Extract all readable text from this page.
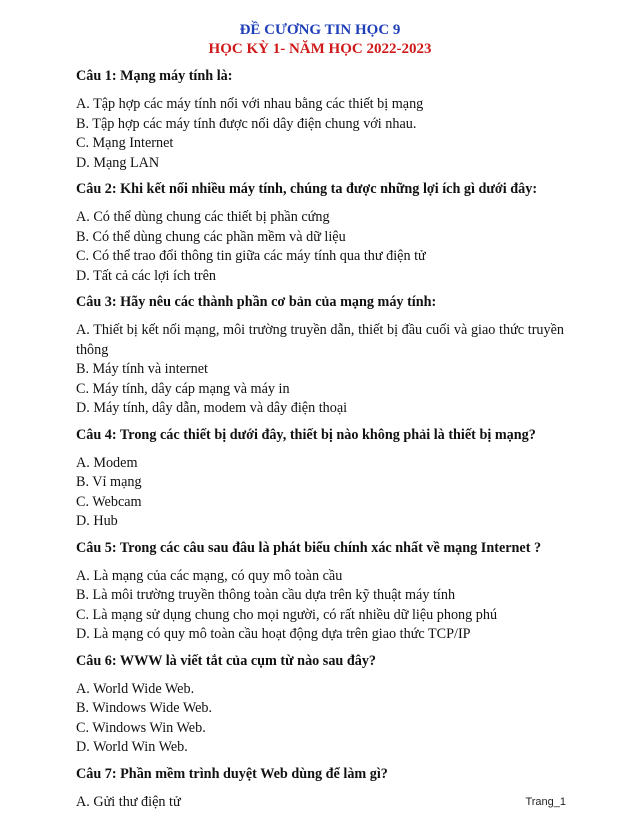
ĐỀ CƯƠNG TIN HỌC 9
HỌC KỲ 1- NĂM HỌC 2022-2023

Câu 1: Mạng máy tính là:

A. Tập hợp các máy tính nối với nhau bằng các thiết bị mạng

B. Tập hợp các máy tính được nối dây điện chung với nhau.

C. Mạng Internet

D. Mạng LAN

Câu 2: Khi kết nối nhiều máy tính, chúng ta được những lợi ích gì dưới đây:

A. Có thể dùng chung các thiết bị phần cứng

B. Có thể dùng chung các phần mềm và dữ liệu

C. Có thể trao đổi thông tin giữa các máy tính qua thư điện tử

D. Tất cả các lợi ích trên

Câu 3: Hãy nêu các thành phần cơ bản của mạng máy tính:

A. Thiết bị kết nối mạng, môi trường truyền dẫn, thiết bị đầu cuối và giao thức truyền thông

B. Máy tính và internet

C. Máy tính, dây cáp mạng và máy in

D. Máy tính, dây dẫn, modem và dây điện thoại

Câu 4: Trong các thiết bị dưới đây, thiết bị nào không phải là thiết bị mạng?

A. Modem

B. Vỉ mạng

C. Webcam

D. Hub

Câu 5: Trong các câu sau đâu là phát biểu chính xác nhất về mạng Internet ?

A. Là mạng của các mạng, có quy mô toàn cầu

B. Là môi trường truyền thông toàn cầu dựa trên kỹ thuật máy tính

C. Là mạng sử dụng chung cho mọi người, có rất nhiều dữ liệu phong phú

D. Là mạng có quy mô toàn cầu hoạt động dựa trên giao thức TCP/IP

Câu 6: WWW là viết tắt của cụm từ nào sau đây?

A. World Wide Web.

B. Windows Wide Web.

C. Windows Win Web.

D. World Win Web.

Câu 7: Phần mềm trình duyệt Web dùng để làm gì?

A. Gửi thư điện tử	Trang_1
